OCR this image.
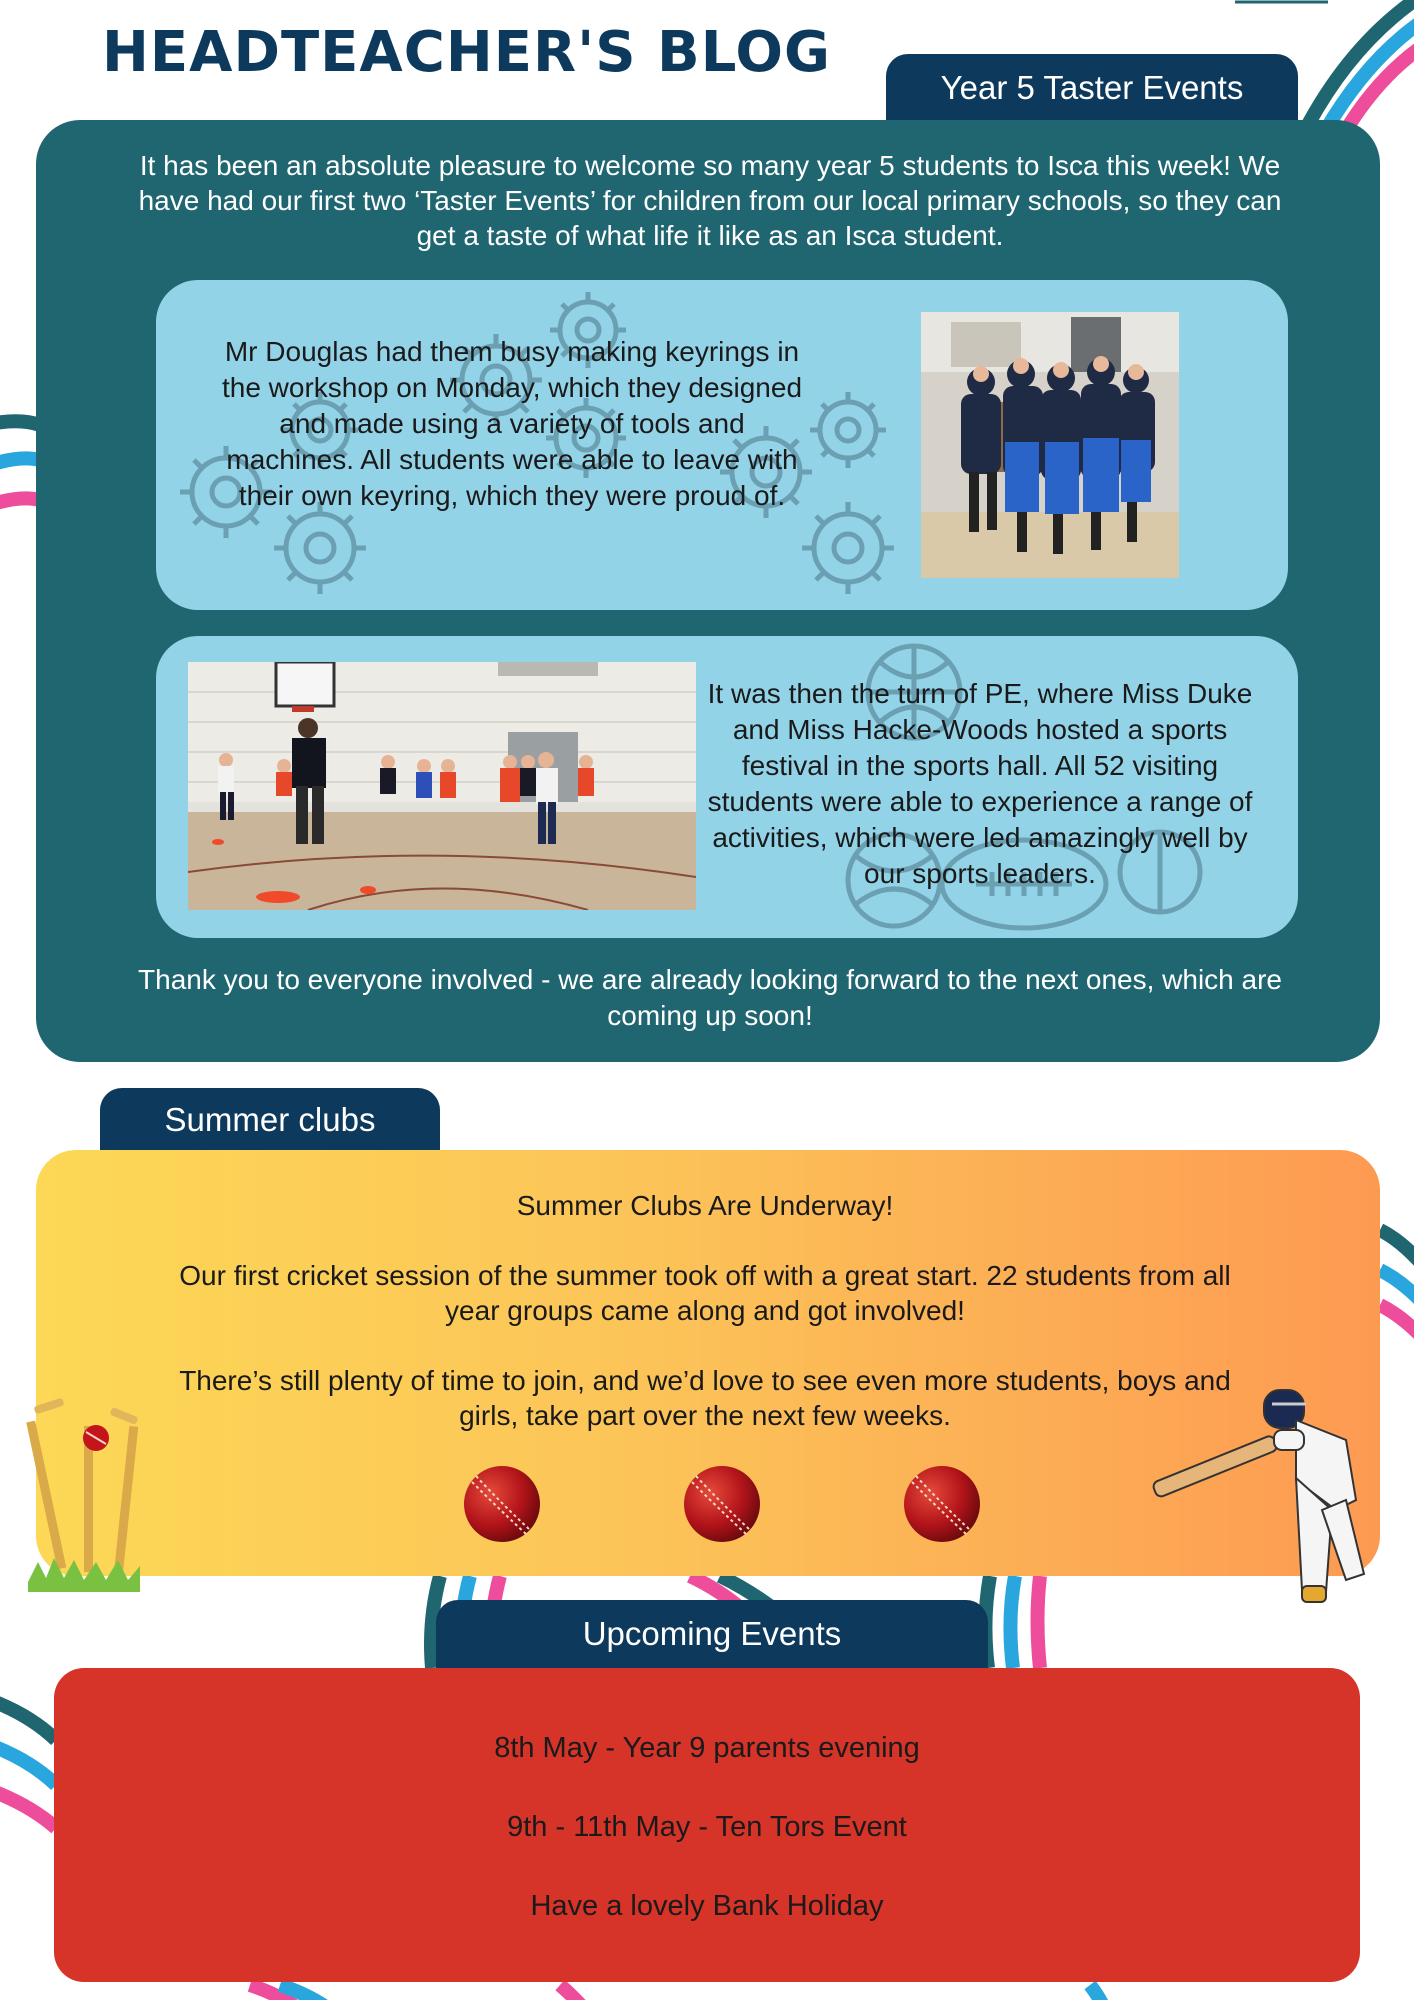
HEADTEACHER'S BLOG
Year 5 Taster Events

It has been an absolute pleasure to welcome so many year 5 students to Isca this week! We have had our first two ‘Taster Events’ for children from our local primary schools, so they can get a taste of what life it like as an Isca student.

Mr Douglas had them busy making keyrings in the workshop on Monday, which they designed and made using a variety of tools and machines. All students were able to leave with their own keyring, which they were proud of.

It was then the turn of PE, where Miss Duke and Miss Hacke-Woods hosted a sports festival in the sports hall. All 52 visiting students were able to experience a range of activities, which were led amazingly well by our sports leaders.

Thank you to everyone involved - we are already looking forward to the next ones, which are coming up soon!

Summer clubs

Summer Clubs Are Underway!

Our first cricket session of the summer took off with a great start. 22 students from all year groups came along and got involved!

There’s still plenty of time to join, and we’d love to see even more students, boys and girls, take part over the next few weeks.

Upcoming Events

8th May - Year 9 parents evening

9th - 11th May - Ten Tors Event

Have a lovely Bank Holiday
